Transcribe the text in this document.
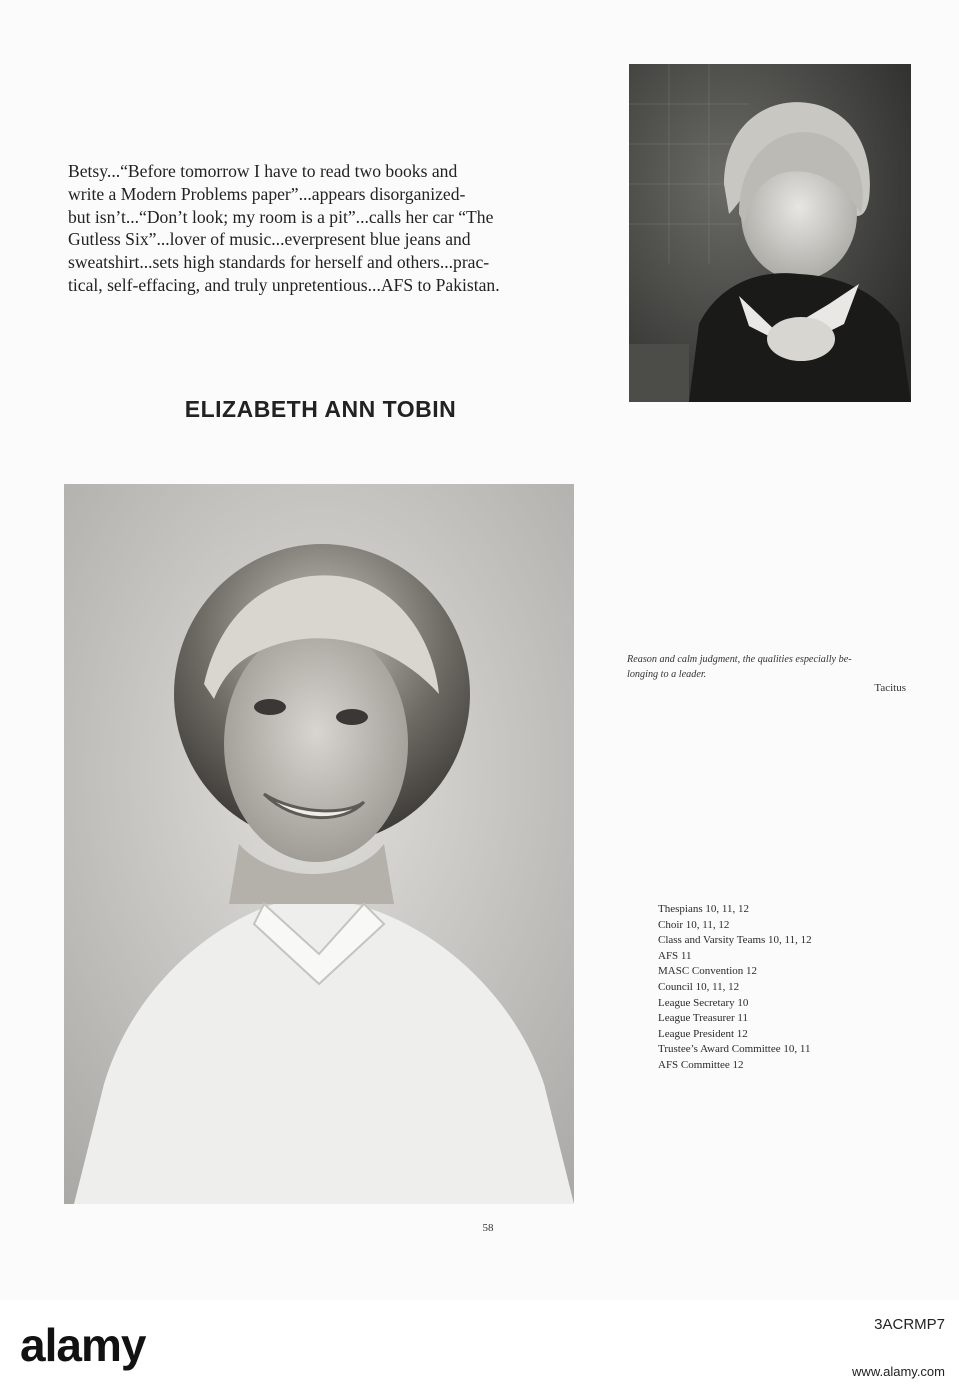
Betsy...“Before tomorrow I have to read two books and
write a Modern Problems paper”...appears disorganized-
but isn’t...“Don’t look; my room is a pit”...calls her car “The
Gutless Six”...lover of music...everpresent blue jeans and
sweatshirt...sets high standards for herself and others...prac-
tical, self-effacing, and truly unpretentious...AFS to Pakistan.
ELIZABETH ANN TOBIN
Reason and calm judgment, the qualities especially be-
longing to a leader.
Tacitus
Thespians 10, 11, 12
Choir 10, 11, 12
Class and Varsity Teams 10, 11, 12
AFS 11
MASC Convention 12
Council 10, 11, 12
League Secretary 10
League Treasurer 11
League President 12
Trustee’s Award Committee 10, 11
AFS Committee 12
58
alamy	3ACRMP7
www.alamy.com
